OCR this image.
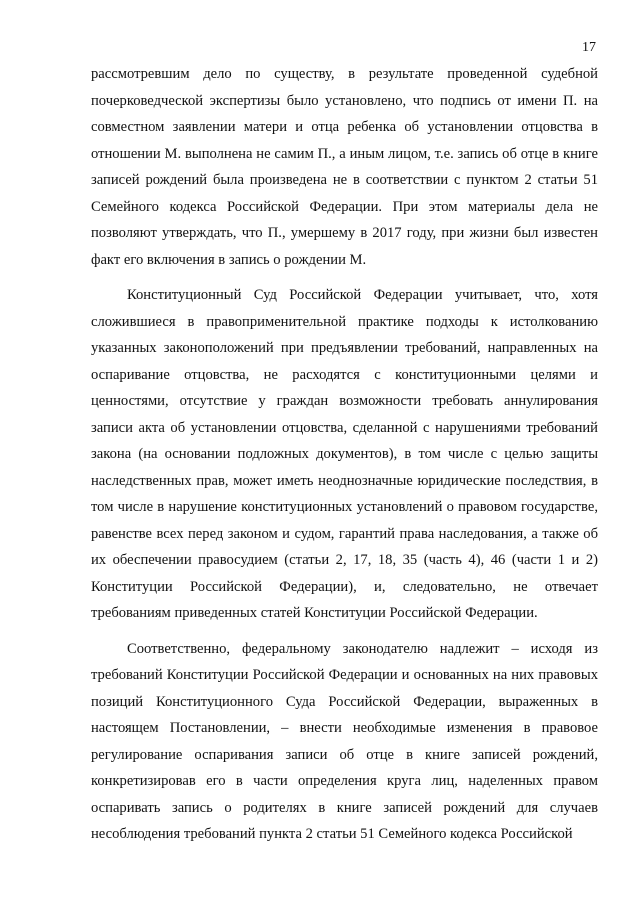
17

рассмотревшим дело по существу, в результате проведенной судебной почерковедческой экспертизы было установлено, что подпись от имени П. на совместном заявлении матери и отца ребенка об установлении отцовства в отношении М. выполнена не самим П., а иным лицом, т.е. запись об отце в книге записей рождений была произведена не в соответствии с пунктом 2 статьи 51 Семейного кодекса Российской Федерации. При этом материалы дела не позволяют утверждать, что П., умершему в 2017 году, при жизни был известен факт его включения в запись о рождении М.

Конституционный Суд Российской Федерации учитывает, что, хотя сложившиеся в правоприменительной практике подходы к истолкованию указанных законоположений при предъявлении требований, направленных на оспаривание отцовства, не расходятся с конституционными целями и ценностями, отсутствие у граждан возможности требовать аннулирования записи акта об установлении отцовства, сделанной с нарушениями требований закона (на основании подложных документов), в том числе с целью защиты наследственных прав, может иметь неоднозначные юридические последствия, в том числе в нарушение конституционных установлений о правовом государстве, равенстве всех перед законом и судом, гарантий права наследования, а также об их обеспечении правосудием (статьи 2, 17, 18, 35 (часть 4), 46 (части 1 и 2) Конституции Российской Федерации), и, следовательно, не отвечает требованиям приведенных статей Конституции Российской Федерации.

Соответственно, федеральному законодателю надлежит – исходя из требований Конституции Российской Федерации и основанных на них правовых позиций Конституционного Суда Российской Федерации, выраженных в настоящем Постановлении, – внести необходимые изменения в правовое регулирование оспаривания записи об отце в книге записей рождений, конкретизировав его в части определения круга лиц, наделенных правом оспаривать запись о родителях в книге записей рождений для случаев несоблюдения требований пункта 2 статьи 51 Семейного кодекса Российской
